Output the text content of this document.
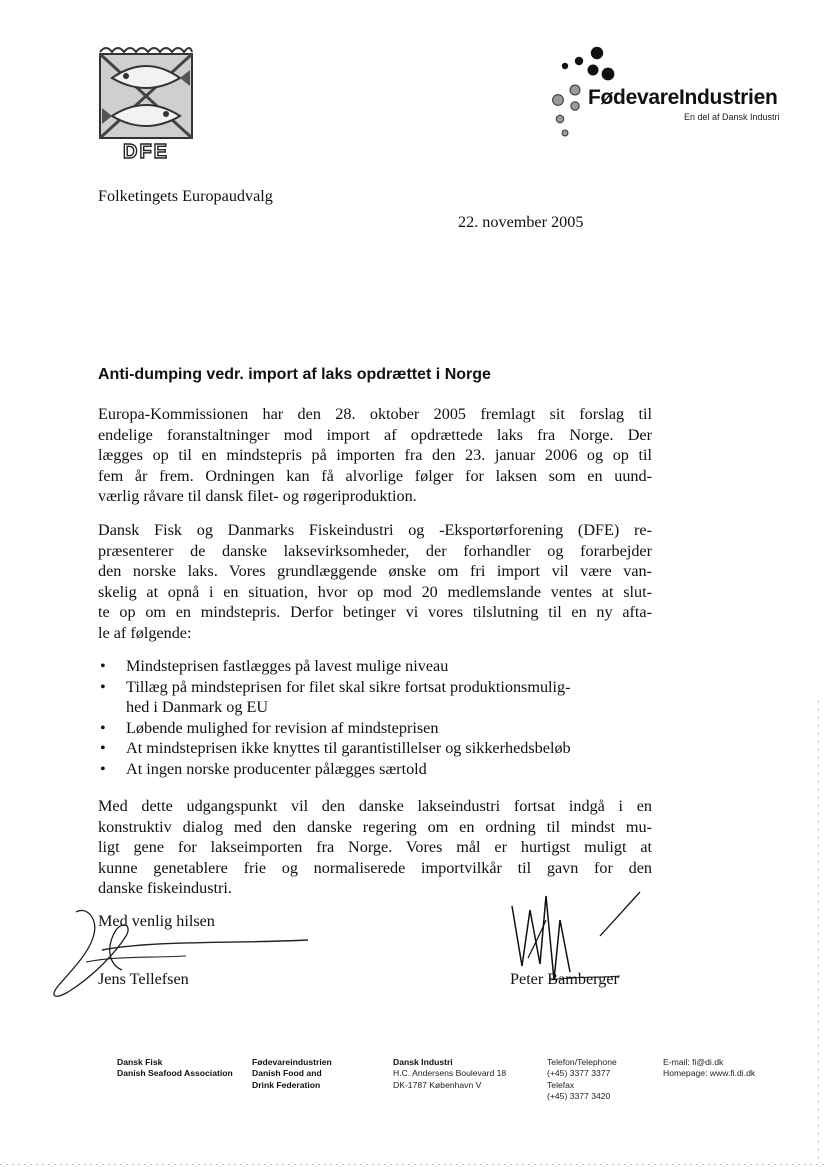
DFE
FødevareIndustrien
En del af Dansk Industri
Folketingets Europaudvalg
22. november 2005
Anti-dumping vedr. import af laks opdrættet i Norge
Europa-Kommissionen har den 28. oktober 2005 fremlagt sit forslag til
endelige foranstaltninger mod import af opdrættede laks fra Norge. Der
lægges op til en mindstepris på importen fra den 23. januar 2006 og op til
fem år frem. Ordningen kan få alvorlige følger for laksen som en uund-
værlig råvare til dansk filet- og røgeriproduktion.
Dansk Fisk og Danmarks Fiskeindustri og -Eksportørforening (DFE) re-
præsenterer de danske laksevirksomheder, der forhandler og forarbejder
den norske laks. Vores grundlæggende ønske om fri import vil være van-
skelig at opnå i en situation, hvor op mod 20 medlemslande ventes at slut-
te op om en mindstepris. Derfor betinger vi vores tilslutning til en ny afta-
le af følgende:
• Mindsteprisen fastlægges på lavest mulige niveau
• Tillæg på mindsteprisen for filet skal sikre fortsat produktionsmulig-
hed i Danmark og EU
• Løbende mulighed for revision af mindsteprisen
• At mindsteprisen ikke knyttes til garantistillelser og sikkerhedsbeløb
• At ingen norske producenter pålægges særtold
Med dette udgangspunkt vil den danske lakseindustri fortsat indgå i en
konstruktiv dialog med den danske regering om en ordning til mindst mu-
ligt gene for lakseimporten fra Norge. Vores mål er hurtigst muligt at
kunne genetablere frie og normaliserede importvilkår til gavn for den
danske fiskeindustri.
Med venlig hilsen
Jens Tellefsen	Peter Bamberger
Dansk Fisk
Danish Seafood Association
Fødevareindustrien
Danish Food and
Drink Federation
Dansk Industri
H.C. Andersens Boulevard 18
DK-1787 København V
Telefon/Telephone
(+45) 3377 3377
Telefax
(+45) 3377 3420
E-mail: fi@di.dk
Homepage: www.fi.di.dk
